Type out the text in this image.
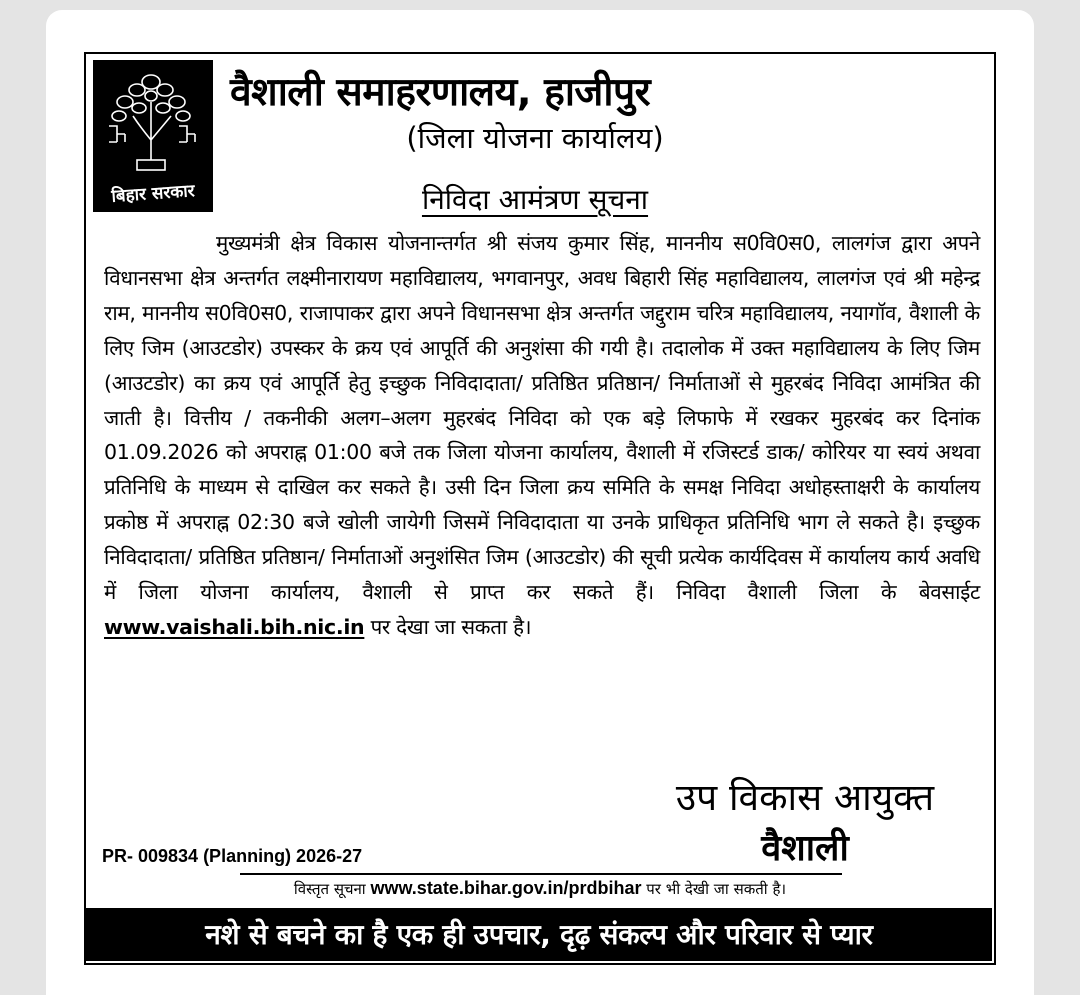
बिहार सरकार
वैशाली समाहरणालय, हाजीपुर
(जिला योजना कार्यालय)
निविदा आमंत्रण सूचना
मुख्यमंत्री क्षेत्र विकास योजनान्तर्गत श्री संजय कुमार सिंह, माननीय स0वि0स0, लालगंज द्वारा अपने विधानसभा क्षेत्र अन्तर्गत लक्ष्मीनारायण महाविद्यालय, भगवानपुर, अवध बिहारी सिंह महाविद्यालय, लालगंज एवं श्री महेन्द्र राम, माननीय स0वि0स0, राजापाकर द्वारा अपने विधानसभा क्षेत्र अन्तर्गत जद्दुराम चरित्र महाविद्यालय, नयागॉव, वैशाली के लिए जिम (आउटडोर) उपस्कर के क्रय एवं आपूर्ति की अनुशंसा की गयी है। तदालोक में उक्त महाविद्यालय के लिए जिम (आउटडोर) का क्रय एवं आपूर्ति हेतु इच्छुक निविदादाता/ प्रतिष्ठित प्रतिष्ठान/ निर्माताओं से मुहरबंद निविदा आमंत्रित की जाती है। वित्तीय / तकनीकी अलग–अलग मुहरबंद निविदा को एक बड़े लिफाफे में रखकर मुहरबंद कर दिनांक 01.09.2026 को अपराह्न 01:00 बजे तक जिला योजना कार्यालय, वैशाली में रजिस्टर्ड डाक/ कोरियर या स्वयं अथवा प्रतिनिधि के माध्यम से दाखिल कर सकते है। उसी दिन जिला क्रय समिति के समक्ष निविदा अधोहस्ताक्षरी के कार्यालय प्रकोष्ठ में अपराह्न 02:30 बजे खोली जायेगी जिसमें निविदादाता या उनके प्राधिकृत प्रतिनिधि भाग ले सकते है। इच्छुक निविदादाता/ प्रतिष्ठित प्रतिष्ठान/ निर्माताओं अनुशंसित जिम (आउटडोर) की सूची प्रत्येक कार्यदिवस में कार्यालय कार्य अवधि में जिला योजना कार्यालय, वैशाली से प्राप्त कर सकते हैं। निविदा वैशाली जिला के बेवसाईट www.vaishali.bih.nic.in पर देखा जा सकता है।
उप विकास आयुक्त
वैशाली
PR- 009834 (Planning) 2026-27
विस्तृत सूचना www.state.bihar.gov.in/prdbihar पर भी देखी जा सकती है।
नशे से बचने का है एक ही उपचार, दृढ़ संकल्प और परिवार से प्यार
